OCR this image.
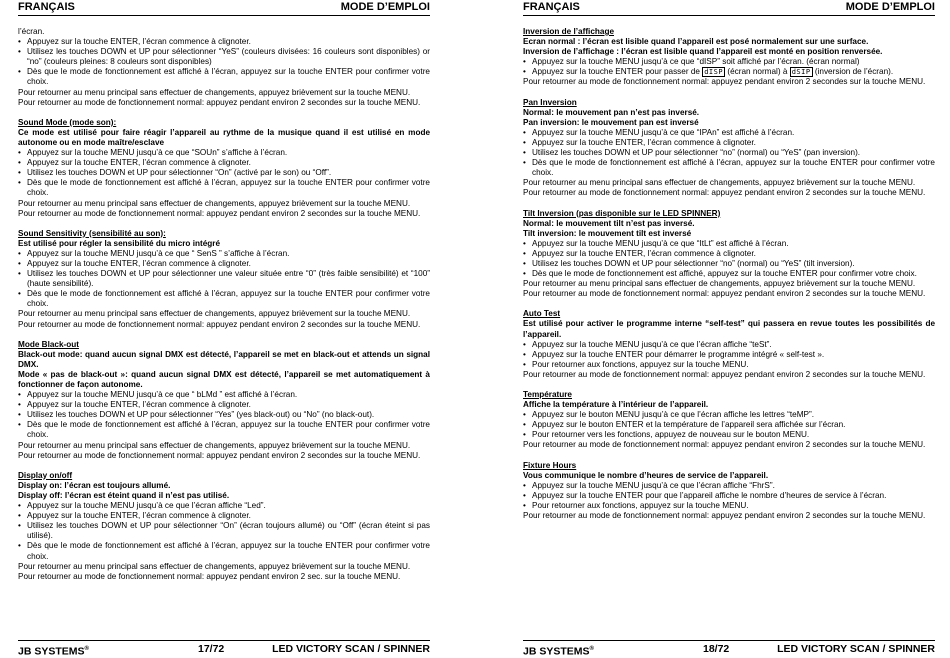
FRANÇAIS	MODE D’EMPLOI

l’écran.

• Appuyez sur la touche ENTER, l’écran commence à clignoter.
• Utilisez les touches DOWN et UP pour sélectionner “YeS” (couleurs divisées: 16 couleurs sont disponibles) or “no” (couleurs pleines: 8 couleurs sont disponibles)
• Dès que le mode de fonctionnement est affiché à l’écran, appuyez sur la touche ENTER pour confirmer votre choix.

Pour retourner au menu principal sans effectuer de changements, appuyez brièvement sur la touche MENU.

Pour retourner au mode de fonctionnement normal: appuyez pendant environ 2 secondes sur la touche MENU.

Sound Mode (mode son):

Ce mode est utilisé pour faire réagir l’appareil au rythme de la musique quand il est utilisé en mode autonome ou en mode maître/esclave

• Appuyez sur la touche MENU jusqu’à ce que “SOUn” s’affiche à l’écran.
• Appuyez sur la touche ENTER, l’écran commence à clignoter.
• Utilisez les touches DOWN et UP pour sélectionner “On” (activé par le son) ou “Off”.
• Dès que le mode de fonctionnement est affiché à l’écran, appuyez sur la touche ENTER pour confirmer votre choix.

Pour retourner au menu principal sans effectuer de changements, appuyez brièvement sur la touche MENU.

Pour retourner au mode de fonctionnement normal: appuyez pendant environ 2 secondes sur la touche MENU.

Sound Sensitivity (sensibilité au son):

Est utilisé pour régler la sensibilité du micro intégré

• Appuyez sur la touche MENU jusqu’à ce que “ SenS ” s’affiche à l’écran.
• Appuyez sur la touche ENTER, l’écran commence à clignoter.
• Utilisez les touches DOWN et UP pour sélectionner une valeur située entre “0” (très faible sensibilité) et “100” (haute sensibilité).
• Dès que le mode de fonctionnement est affiché à l’écran, appuyez sur la touche ENTER pour confirmer votre choix.

Pour retourner au menu principal sans effectuer de changements, appuyez brièvement sur la touche MENU.

Pour retourner au mode de fonctionnement normal: appuyez pendant environ 2 secondes sur la touche MENU.

Mode Black-out

Black-out mode: quand aucun signal DMX est détecté, l’appareil se met en black-out et attends un signal DMX.

Mode « pas de black-out »: quand aucun signal DMX est détecté, l’appareil se met automatiquement à fonctionner de façon autonome.

• Appuyez sur la touche MENU jusqu’à ce que “ bLMd ” est affiché à l’écran.
• Appuyez sur la touche ENTER, l’écran commence à clignoter.
• Utilisez les touches DOWN et UP pour sélectionner “Yes” (yes black-out) ou “No” (no black-out).
• Dès que le mode de fonctionnement est affiché à l’écran, appuyez sur la touche ENTER pour confirmer votre choix.

Pour retourner au menu principal sans effectuer de changements, appuyez brièvement sur la touche MENU.

Pour retourner au mode de fonctionnement normal: appuyez pendant environ 2 secondes sur la touche MENU.

Display on/off

Display on: l’écran est toujours allumé.

Display off: l’écran est éteint quand il n’est pas utilisé.

• Appuyez sur la touche MENU jusqu’à ce que l’écran affiche “Led”.
• Appuyez sur la touche ENTER, l’écran commence à clignoter.
• Utilisez les touches DOWN et UP pour sélectionner “On” (écran toujours allumé) ou “Off” (écran éteint si pas utilisé).
• Dès que le mode de fonctionnement est affiché à l’écran, appuyez sur la touche ENTER pour confirmer votre choix.

Pour retourner au menu principal sans effectuer de changements, appuyez brièvement sur la touche MENU.

Pour retourner au mode de fonctionnement normal: appuyez pendant environ 2 sec. sur la touche MENU.

JB SYSTEMS®	17/72	LED VICTORY SCAN / SPINNER
FRANÇAIS	MODE D’EMPLOI

Inversion de l’affichage

Ecran normal : l’écran est lisible quand l’appareil est posé normalement sur une surface.

Inversion de l’affichage : l’écran est lisible quand l’appareil est monté en position renversée.

• Appuyez sur la touche MENU jusqu’à ce que “dISP” soit affiché par l’écran. (écran normal)
• Appuyez sur la touche ENTER pour passer de dISP (écran normal) à dSIP (inversion de l’écran).

Pour retourner au mode de fonctionnement normal: appuyez pendant environ 2 secondes sur la touche MENU.

Pan Inversion

Normal: le mouvement pan n’est pas inversé.

Pan inversion: le mouvement pan est inversé

• Appuyez sur la touche MENU jusqu’à ce que “IPAn” est affiché à l’écran.
• Appuyez sur la touche ENTER, l’écran commence à clignoter.
• Utilisez les touches DOWN et UP pour sélectionner “no” (normal) ou “YeS” (pan inversion).
• Dès que le mode de fonctionnement est affiché à l’écran, appuyez sur la touche ENTER pour confirmer votre choix.

Pour retourner au menu principal sans effectuer de changements, appuyez brièvement sur la touche MENU.

Pour retourner au mode de fonctionnement normal: appuyez pendant environ 2 secondes sur la touche MENU.

Tilt Inversion (pas disponible sur le LED SPINNER)

Normal: le mouvement tilt n’est pas inversé.

Tilt inversion: le mouvement tilt est inversé

• Appuyez sur la touche MENU jusqu’à ce que “ItLt” est affiché à l’écran.
• Appuyez sur la touche ENTER, l’écran commence à clignoter.
• Utilisez les touches DOWN et UP pour sélectionner “no” (normal) ou “YeS” (tilt inversion).
• Dès que le mode de fonctionnement est affiché, appuyez sur la touche ENTER pour confirmer votre choix.

Pour retourner au menu principal sans effectuer de changements, appuyez brièvement sur la touche MENU.

Pour retourner au mode de fonctionnement normal: appuyez pendant environ 2 secondes sur la touche MENU.

Auto Test

Est utilisé pour activer le programme interne “self-test” qui passera en revue toutes les possibilités de l’appareil.

• Appuyez sur la touche MENU jusqu’à ce que l’écran affiche “teSt”.
• Appuyez sur la touche ENTER pour démarrer le programme intégré « self-test ».
• Pour retourner aux fonctions, appuyez sur la touche MENU.

Pour retourner au mode de fonctionnement normal: appuyez pendant environ 2 secondes sur la touche MENU.

Température

Affiche la température à l’intérieur de l’appareil.

• Appuyez sur le bouton MENU jusqu’à ce que l’écran affiche les lettres “teMP”.
• Appuyez sur le bouton ENTER et la température de l’appareil sera affichée sur l’écran.
• Pour retourner vers les fonctions, appuyez de nouveau sur le bouton MENU.

Pour retourner au mode de fonctionnement normal: appuyez pendant environ 2 secondes sur la touche MENU.

Fixture Hours

Vous communique le nombre d’heures de service de l’appareil.

• Appuyez sur la touche MENU jusqu’à ce que l’écran affiche “FhrS”.
• Appuyez sur la touche ENTER pour que l’appareil affiche le nombre d’heures de service à l’écran.
• Pour retourner aux fonctions, appuyez sur la touche MENU.

Pour retourner au mode de fonctionnement normal: appuyez pendant environ 2 secondes sur la touche MENU.

JB SYSTEMS®	18/72	LED VICTORY SCAN / SPINNER
